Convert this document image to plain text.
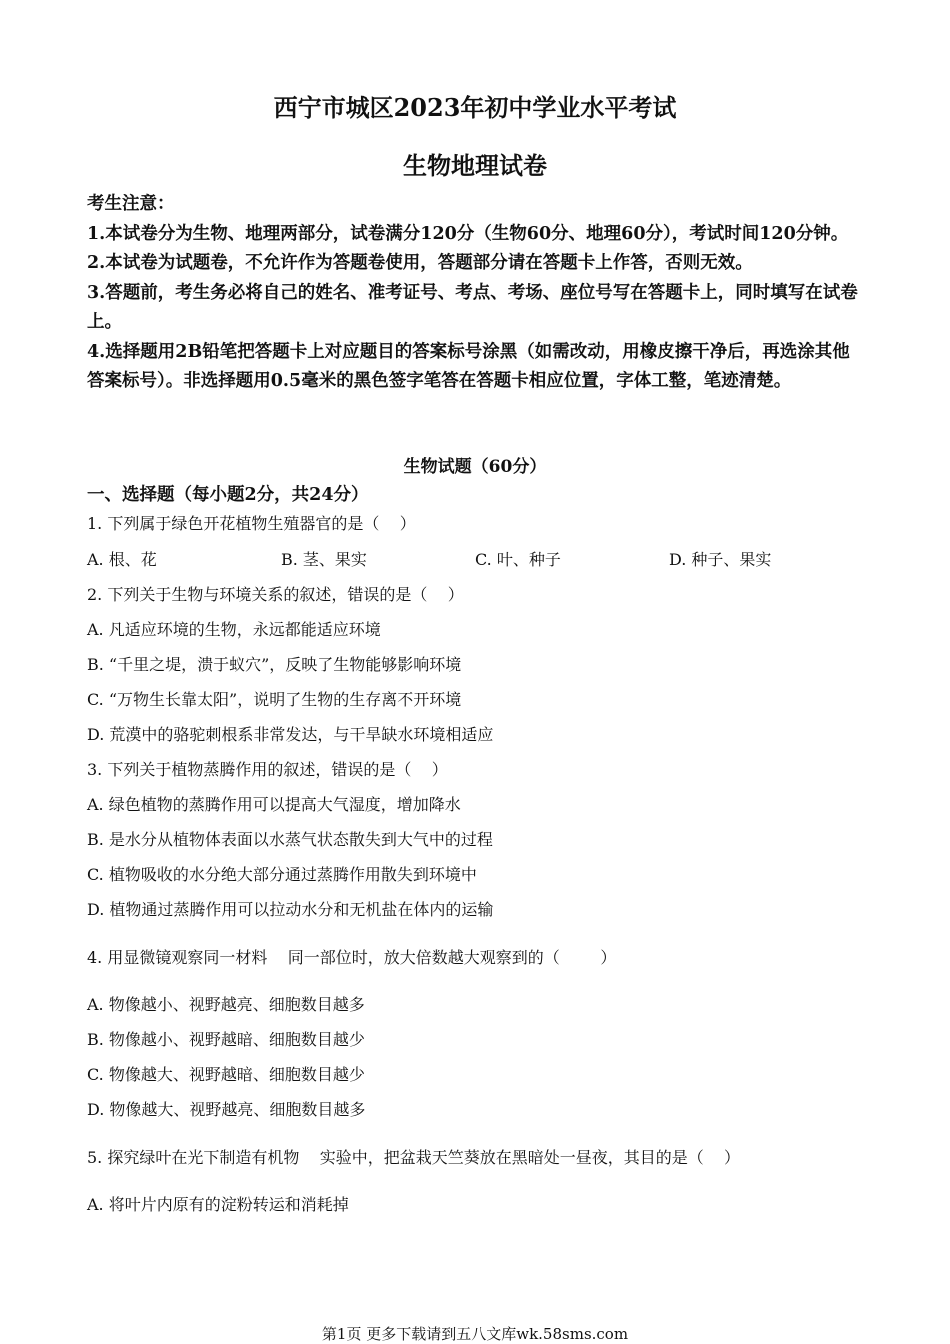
西宁市城区2023年初中学业水平考试
生物地理试卷

考生注意：

1.本试卷分为生物、地理两部分，试卷满分120分（生物60分、地理60分），考试时间120分钟。

2.本试卷为试题卷，不允许作为答题卷使用，答题部分请在答题卡上作答，否则无效。

3.答题前，考生务必将自己的姓名、准考证号、考点、考场、座位号写在答题卡上，同时填写在试卷上。

4.选择题用2B铅笔把答题卡上对应题目的答案标号涂黑（如需改动，用橡皮擦干净后，再选涂其他答案标号）。非选择题用0.5毫米的黑色签字笔答在答题卡相应位置，字体工整，笔迹清楚。

生物试题（60分）
一、选择题（每小题2分，共24分）
1. 下列属于绿色开花植物生殖器官的是（    ）
A. 根、花	B. 茎、果实	C. 叶、种子	D. 种子、果实
2. 下列关于生物与环境关系的叙述，错误的是（    ）
A. 凡适应环境的生物，永远都能适应环境
B. “千里之堤，溃于蚁穴”，反映了生物能够影响环境
C. “万物生长靠太阳”，说明了生物的生存离不开环境
D. 荒漠中的骆驼刺根系非常发达，与干旱缺水环境相适应
3. 下列关于植物蒸腾作用的叙述，错误的是（    ）
A. 绿色植物的蒸腾作用可以提高大气湿度，增加降水
B. 是水分从植物体表面以水蒸气状态散失到大气中的过程
C. 植物吸收的水分绝大部分通过蒸腾作用散失到环境中
D. 植物通过蒸腾作用可以拉动水分和无机盐在体内的运输
4. 用显微镜观察同一材料    同一部位时，放大倍数越大观察到的（        ）
A. 物像越小、视野越亮、细胞数目越多
B. 物像越小、视野越暗、细胞数目越少
C. 物像越大、视野越暗、细胞数目越少
D. 物像越大、视野越亮、细胞数目越多
5. 探究绿叶在光下制造有机物    实验中，把盆栽天竺葵放在黑暗处一昼夜，其目的是（    ）
A. 将叶片内原有的淀粉转运和消耗掉
第1页 更多下载请到五八文库wk.58sms.com
